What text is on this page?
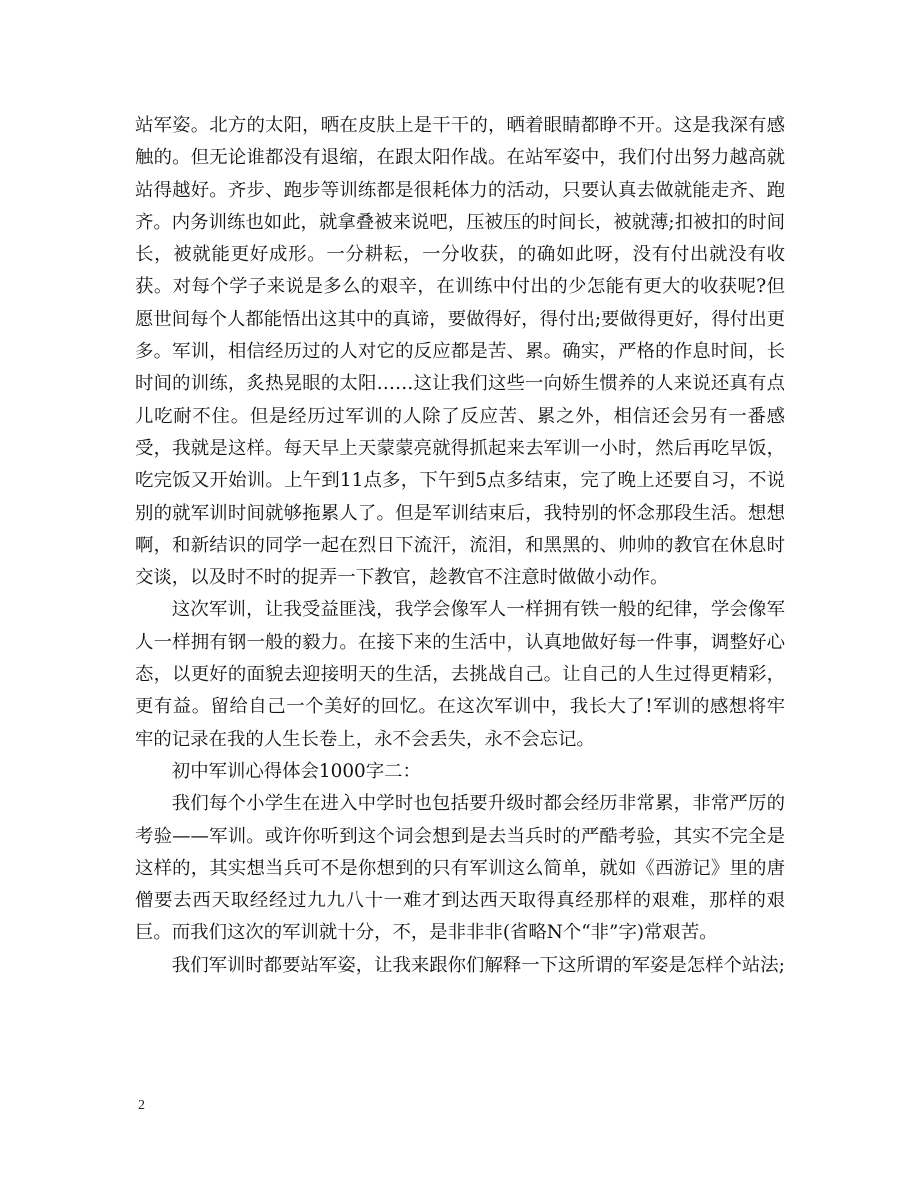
站军姿。北方的太阳，晒在皮肤上是干干的，晒着眼睛都睁不开。这是我深有感触的。但无论谁都没有退缩，在跟太阳作战。在站军姿中，我们付出努力越高就站得越好。齐步、跑步等训练都是很耗体力的活动，只要认真去做就能走齐、跑齐。内务训练也如此，就拿叠被来说吧，压被压的时间长，被就薄;扣被扣的时间长，被就能更好成形。一分耕耘，一分收获，的确如此呀，没有付出就没有收获。对每个学子来说是多么的艰辛，在训练中付出的少怎能有更大的收获呢?但愿世间每个人都能悟出这其中的真谛，要做得好，得付出;要做得更好，得付出更多。军训，相信经历过的人对它的反应都是苦、累。确实，严格的作息时间，长时间的训练，炙热晃眼的太阳……这让我们这些一向娇生惯养的人来说还真有点儿吃耐不住。但是经历过军训的人除了反应苦、累之外，相信还会另有一番感受，我就是这样。每天早上天蒙蒙亮就得抓起来去军训一小时，然后再吃早饭，吃完饭又开始训。上午到11点多，下午到5点多结束，完了晚上还要自习，不说别的就军训时间就够拖累人了。但是军训结束后，我特别的怀念那段生活。想想啊，和新结识的同学一起在烈日下流汗，流泪，和黑黑的、帅帅的教官在休息时交谈，以及时不时的捉弄一下教官，趁教官不注意时做做小动作。

这次军训，让我受益匪浅，我学会像军人一样拥有铁一般的纪律，学会像军人一样拥有钢一般的毅力。在接下来的生活中，认真地做好每一件事，调整好心态，以更好的面貌去迎接明天的生活，去挑战自己。让自己的人生过得更精彩，更有益。留给自己一个美好的回忆。在这次军训中，我长大了!军训的感想将牢牢的记录在我的人生长卷上，永不会丢失，永不会忘记。

初中军训心得体会1000字二：

我们每个小学生在进入中学时也包括要升级时都会经历非常累，非常严厉的考验——军训。或许你听到这个词会想到是去当兵时的严酷考验，其实不完全是这样的，其实想当兵可不是你想到的只有军训这么简单，就如《西游记》里的唐僧要去西天取经经过九九八十一难才到达西天取得真经那样的艰难，那样的艰巨。而我们这次的军训就十分，不，是非非非(省略N个“非”字)常艰苦。

我们军训时都要站军姿，让我来跟你们解释一下这所谓的军姿是怎样个站法;

2
